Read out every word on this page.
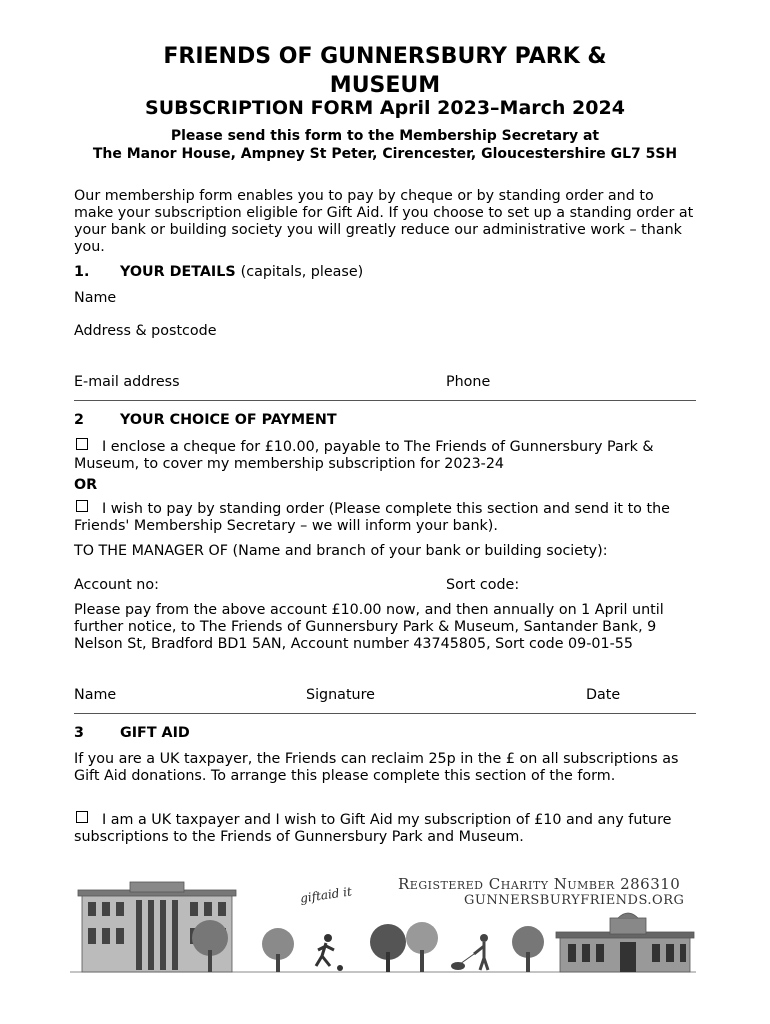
FRIENDS OF GUNNERSBURY PARK & MUSEUM
SUBSCRIPTION FORM April 2023–March 2024
Please send this form to the Membership Secretary at
The Manor House, Ampney St Peter, Cirencester, Gloucestershire GL7 5SH
Our membership form enables you to pay by cheque or by standing order and to make your subscription eligible for Gift Aid. If you choose to set up a standing order at your bank or building society you will greatly reduce our administrative work – thank you.
1. YOUR DETAILS (capitals, please)
Name
Address & postcode
E-mail address	Phone
2	YOUR CHOICE OF PAYMENT
I enclose a cheque for £10.00, payable to The Friends of Gunnersbury Park & Museum, to cover my membership subscription for 2023-24
OR
I wish to pay by standing order (Please complete this section and send it to the Friends' Membership Secretary – we will inform your bank).
TO THE MANAGER OF (Name and branch of your bank or building society):
Account no:	Sort code:
Please pay from the above account £10.00 now, and then annually on 1 April until further notice, to The Friends of Gunnersbury Park & Museum, Santander Bank, 9 Nelson St, Bradford BD1 5AN, Account number 43745805, Sort code 09-01-55
Name	Signature	Date
3	GIFT AID
If you are a UK taxpayer, the Friends can reclaim 25p in the £ on all subscriptions as Gift Aid donations. To arrange this please complete this section of the form.
I am a UK taxpayer and I wish to Gift Aid my subscription of £10 and any future subscriptions to the Friends of Gunnersbury Park and Museum.
Registered Charity Number 286310
GUNNERSBURYFRIENDS.ORG
giftaid it
